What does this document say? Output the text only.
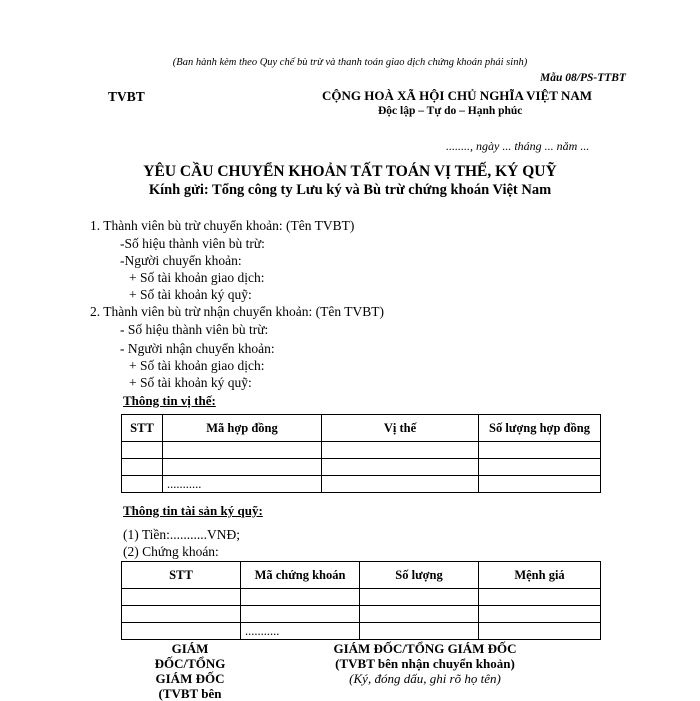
(Ban hành kèm theo Quy chế bù trừ và thanh toán giao dịch chứng khoán phái sinh)
Mẫu 08/PS-TTBT
TVBT	CỘNG HOÀ XÃ HỘI CHỦ NGHĨA VIỆT NAM
Độc lập – Tự do – Hạnh phúc
........, ngày ... tháng ... năm ...
YÊU CẦU CHUYỂN KHOẢN TẤT TOÁN VỊ THẾ, KÝ QUỸ
Kính gửi: Tổng công ty Lưu ký và Bù trừ chứng khoán Việt Nam
1. Thành viên bù trừ chuyển khoản: (Tên TVBT)
-Số hiệu thành viên bù trừ:
-Người chuyển khoản:
+ Số tài khoản giao dịch:
+ Số tài khoản ký quỹ:
2. Thành viên bù trừ nhận chuyển khoản: (Tên TVBT)
- Số hiệu thành viên bù trừ:
- Người nhận chuyển khoản:
+ Số tài khoản giao dịch:
+ Số tài khoản ký quỹ:
Thông tin vị thế:
STT	Mã hợp đồng	Vị thế	Số lượng hợp đồng

	...........		
Thông tin tài sản ký quỹ:
(1) Tiền:...........VNĐ;
(2) Chứng khoán:
STT	Mã chứng khoán	Số lượng	Mệnh giá

	...........		
GIÁM
ĐỐC/TỔNG
GIÁM ĐỐC
(TVBT bên
GIÁM ĐỐC/TỔNG GIÁM ĐỐC
(TVBT bên nhận chuyển khoản)
(Ký, đóng dấu, ghi rõ họ tên)
